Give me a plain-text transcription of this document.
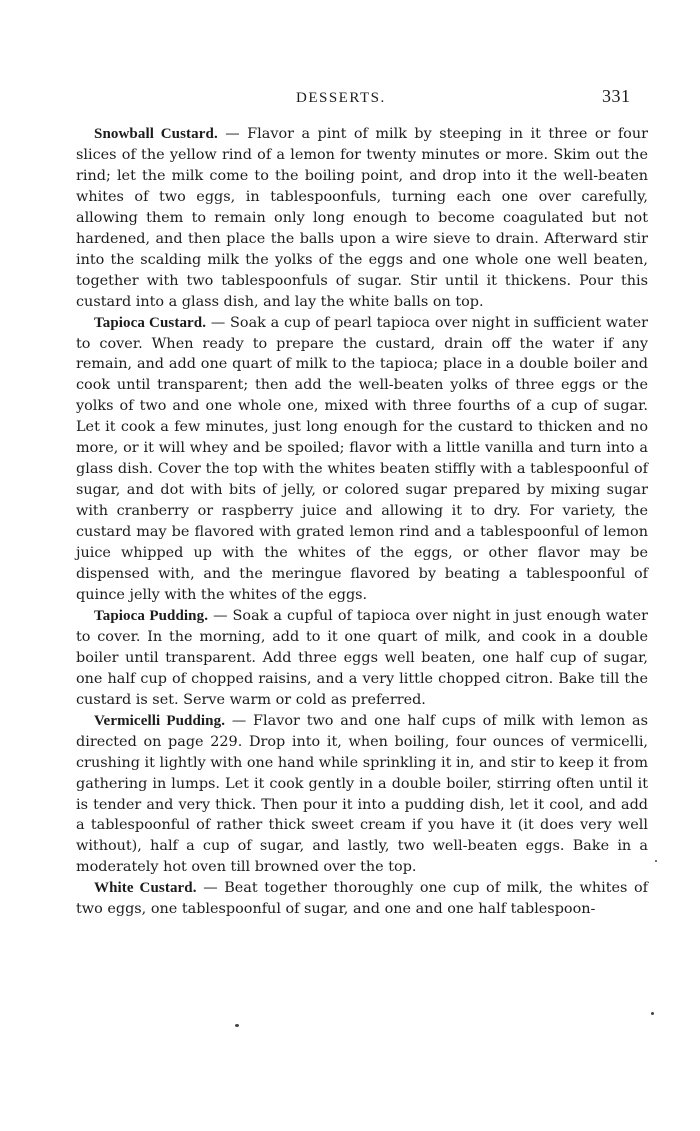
DESSERTS.	331

Snowball Custard. — Flavor a pint of milk by steeping in it three or four slices of the yellow rind of a lemon for twenty minutes or more. Skim out the rind; let the milk come to the boiling point, and drop into it the well-beaten whites of two eggs, in tablespoonfuls, turning each one over carefully, allowing them to remain only long enough to become coagulated but not hardened, and then place the balls upon a wire sieve to drain. Afterward stir into the scalding milk the yolks of the eggs and one whole one well beaten, together with two tablespoonfuls of sugar. Stir until it thickens. Pour this custard into a glass dish, and lay the white balls on top.

Tapioca Custard. — Soak a cup of pearl tapioca over night in sufficient water to cover. When ready to prepare the custard, drain off the water if any remain, and add one quart of milk to the tapioca; place in a double boiler and cook until transparent; then add the well-beaten yolks of three eggs or the yolks of two and one whole one, mixed with three fourths of a cup of sugar. Let it cook a few minutes, just long enough for the custard to thicken and no more, or it will whey and be spoiled; flavor with a little vanilla and turn into a glass dish. Cover the top with the whites beaten stiffly with a tablespoonful of sugar, and dot with bits of jelly, or colored sugar prepared by mixing sugar with cranberry or raspberry juice and allowing it to dry. For variety, the custard may be flavored with grated lemon rind and a tablespoonful of lemon juice whipped up with the whites of the eggs, or other flavor may be dispensed with, and the meringue flavored by beating a tablespoonful of quince jelly with the whites of the eggs.

Tapioca Pudding. — Soak a cupful of tapioca over night in just enough water to cover. In the morning, add to it one quart of milk, and cook in a double boiler until transparent. Add three eggs well beaten, one half cup of sugar, one half cup of chopped raisins, and a very little chopped citron. Bake till the custard is set. Serve warm or cold as preferred.

Vermicelli Pudding. — Flavor two and one half cups of milk with lemon as directed on page 229. Drop into it, when boiling, four ounces of vermicelli, crushing it lightly with one hand while sprinkling it in, and stir to keep it from gathering in lumps. Let it cook gently in a double boiler, stirring often until it is tender and very thick. Then pour it into a pudding dish, let it cool, and add a tablespoonful of rather thick sweet cream if you have it (it does very well without), half a cup of sugar, and lastly, two well-beaten eggs. Bake in a moderately hot oven till browned over the top.

White Custard. — Beat together thoroughly one cup of milk, the whites of two eggs, one tablespoonful of sugar, and one and one half tablespoon-
